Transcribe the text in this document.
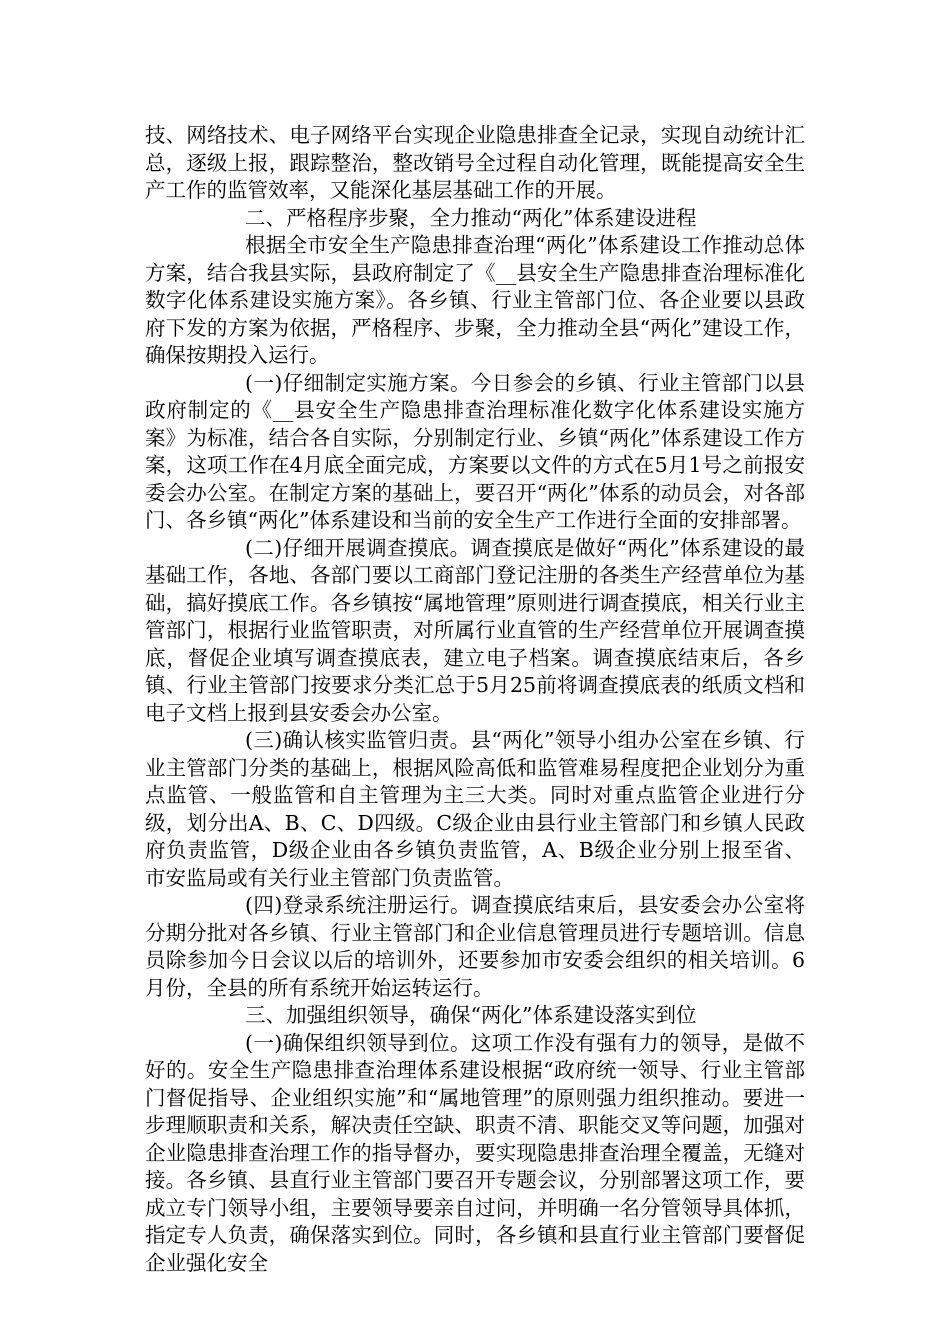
技、网络技术、电子网络平台实现企业隐患排查全记录，实现自动统计汇总，逐级上报，跟踪整治，整改销号全过程自动化管理，既能提高安全生产工作的监管效率，又能深化基层基础工作的开展。

二、严格程序步聚，全力推动“两化”体系建设进程

根据全市安全生产隐患排查治理“两化”体系建设工作推动总体方案，结合我县实际，县政府制定了《__县安全生产隐患排查治理标准化数字化体系建设实施方案》。各乡镇、行业主管部门位、各企业要以县政府下发的方案为依据，严格程序、步聚，全力推动全县“两化”建设工作，确保按期投入运行。

(一)仔细制定实施方案。今日参会的乡镇、行业主管部门以县政府制定的《__县安全生产隐患排查治理标准化数字化体系建设实施方案》为标准，结合各自实际，分别制定行业、乡镇“两化”体系建设工作方案，这项工作在4月底全面完成，方案要以文件的方式在5月1号之前报安委会办公室。在制定方案的基础上，要召开“两化”体系的动员会，对各部门、各乡镇“两化”体系建设和当前的安全生产工作进行全面的安排部署。

(二)仔细开展调查摸底。调查摸底是做好“两化”体系建设的最基础工作，各地、各部门要以工商部门登记注册的各类生产经营单位为基础，搞好摸底工作。各乡镇按“属地管理”原则进行调查摸底，相关行业主管部门，根据行业监管职责，对所属行业直管的生产经营单位开展调查摸底，督促企业填写调查摸底表，建立电子档案。调查摸底结束后，各乡镇、行业主管部门按要求分类汇总于5月25前将调查摸底表的纸质文档和电子文档上报到县安委会办公室。

(三)确认核实监管归责。县“两化”领导小组办公室在乡镇、行业主管部门分类的基础上，根据风险高低和监管难易程度把企业划分为重点监管、一般监管和自主管理为主三大类。同时对重点监管企业进行分级，划分出A、B、C、D四级。C级企业由县行业主管部门和乡镇人民政府负责监管，D级企业由各乡镇负责监管，A、B级企业分别上报至省、市安监局或有关行业主管部门负责监管。

(四)登录系统注册运行。调查摸底结束后，县安委会办公室将分期分批对各乡镇、行业主管部门和企业信息管理员进行专题培训。信息员除参加今日会议以后的培训外，还要参加市安委会组织的相关培训。6月份，全县的所有系统开始运转运行。

三、加强组织领导，确保“两化”体系建设落实到位

(一)确保组织领导到位。这项工作没有强有力的领导，是做不好的。安全生产隐患排查治理体系建设根据“政府统一领导、行业主管部门督促指导、企业组织实施”和“属地管理”的原则强力组织推动。要进一步理顺职责和关系，解决责任空缺、职责不清、职能交叉等问题，加强对企业隐患排查治理工作的指导督办，要实现隐患排查治理全覆盖，无缝对接。各乡镇、县直行业主管部门要召开专题会议，分别部署这项工作，要成立专门领导小组，主要领导要亲自过问，并明确一名分管领导具体抓，指定专人负责，确保落实到位。同时，各乡镇和县直行业主管部门要督促企业强化安全
